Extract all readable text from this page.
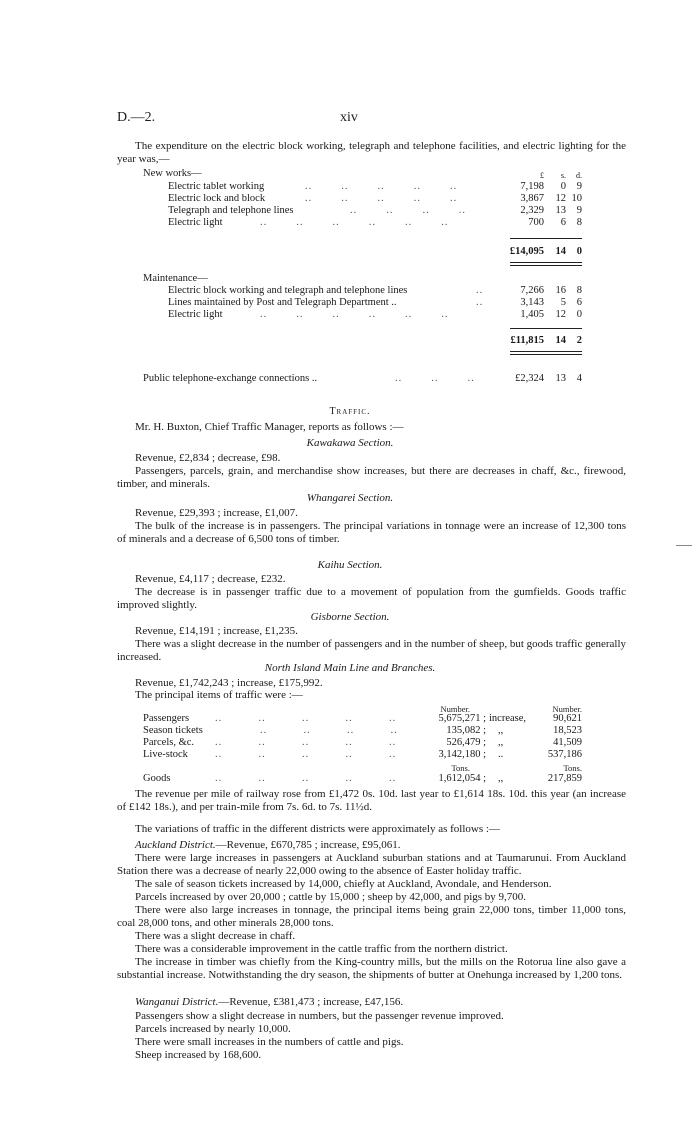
D.—2.	xiv
The expenditure on the electric block working, telegraph and telephone facilities, and electric lighting for the year was,—
New works—	£	s.	d.
Electric tablet working	..        ..        ..        ..        ..	7,198	0	9
Electric lock and block	..        ..        ..        ..        ..	3,867	12 10
Telegraph and telephone lines	..        ..        ..        ..	2,329	13	9
Electric light	..        ..        ..        ..        ..        ..	700	6	8
£14,095	14	0
Maintenance—
Electric block working and telegraph and telephone lines	..	7,266	16	8
Lines maintained by Post and Telegraph Department ..	..	3,143	5	6
Electric light	..        ..        ..        ..        ..        ..	1,405	12	0
£11,815	14	2
Public telephone-exchange connections ..	..        ..        ..	£2,324	13	4
Traffic.
Mr. H. Buxton, Chief Traffic Manager, reports as follows :—
Kawakawa Section.
Revenue, £2,834 ; decrease, £98.
Passengers, parcels, grain, and merchandise show increases, but there are decreases in chaff, &c., firewood, timber, and minerals.
Whangarei Section.
Revenue, £29,393 ; increase, £1,007.
The bulk of the increase is in passengers. The principal variations in tonnage were an increase of 12,300 tons of minerals and a decrease of 6,500 tons of timber.
Kaihu Section.
Revenue, £4,117 ; decrease, £232.
The decrease is in passenger traffic due to a movement of population from the gumfields. Goods traffic improved slightly.
Gisborne Section.
Revenue, £14,191 ; increase, £1,235.
There was a slight decrease in the number of passengers and in the number of sheep, but goods traffic generally increased.
North Island Main Line and Branches.
Revenue, £1,742,243 ; increase, £175,992.
The principal items of traffic were :—
Number.	Number.
Passengers ..          ..          ..          ..          ..	5,675,271 ; increase,	90,621
Season tickets	..          ..          ..          ..	135,082 ; ,,	18,523
Parcels, &c. ..          ..          ..          ..          ..	526,479 ; ,,	41,509
Live-stock	..          ..          ..          ..          ..	3,142,180 ; ..	537,186
Tons.	Tons.
Goods	..          ..          ..          ..          ..	1,612,054 ; ,,	217,859
The revenue per mile of railway rose from £1,472 0s. 10d. last year to £1,614 18s. 10d. this year (an increase of £142 18s.), and per train-mile from 7s. 6d. to 7s. 11½d.
The variations of traffic in the different districts were approximately as follows :—
Auckland District.—Revenue, £670,785 ; increase, £95,061.
There were large increases in passengers at Auckland suburban stations and at Taumarunui. From Auckland Station there was a decrease of nearly 22,000 owing to the absence of Easter holiday traffic.
The sale of season tickets increased by 14,000, chiefly at Auckland, Avondale, and Henderson.
Parcels increased by over 20,000 ; cattle by 15,000 ; sheep by 42,000, and pigs by 9,700.
There were also large increases in tonnage, the principal items being grain 22,000 tons, timber 11,000 tons, coal 28,000 tons, and other minerals 28,000 tons.
There was a slight decrease in chaff.
There was a considerable improvement in the cattle traffic from the northern district.
The increase in timber was chiefly from the King-country mills, but the mills on the Rotorua line also gave a substantial increase. Notwithstanding the dry season, the shipments of butter at Onehunga increased by 1,200 tons.
Wanganui District.—Revenue, £381,473 ; increase, £47,156.
Passengers show a slight decrease in numbers, but the passenger revenue improved.
Parcels increased by nearly 10,000.
There were small increases in the numbers of cattle and pigs.
Sheep increased by 168,600.
